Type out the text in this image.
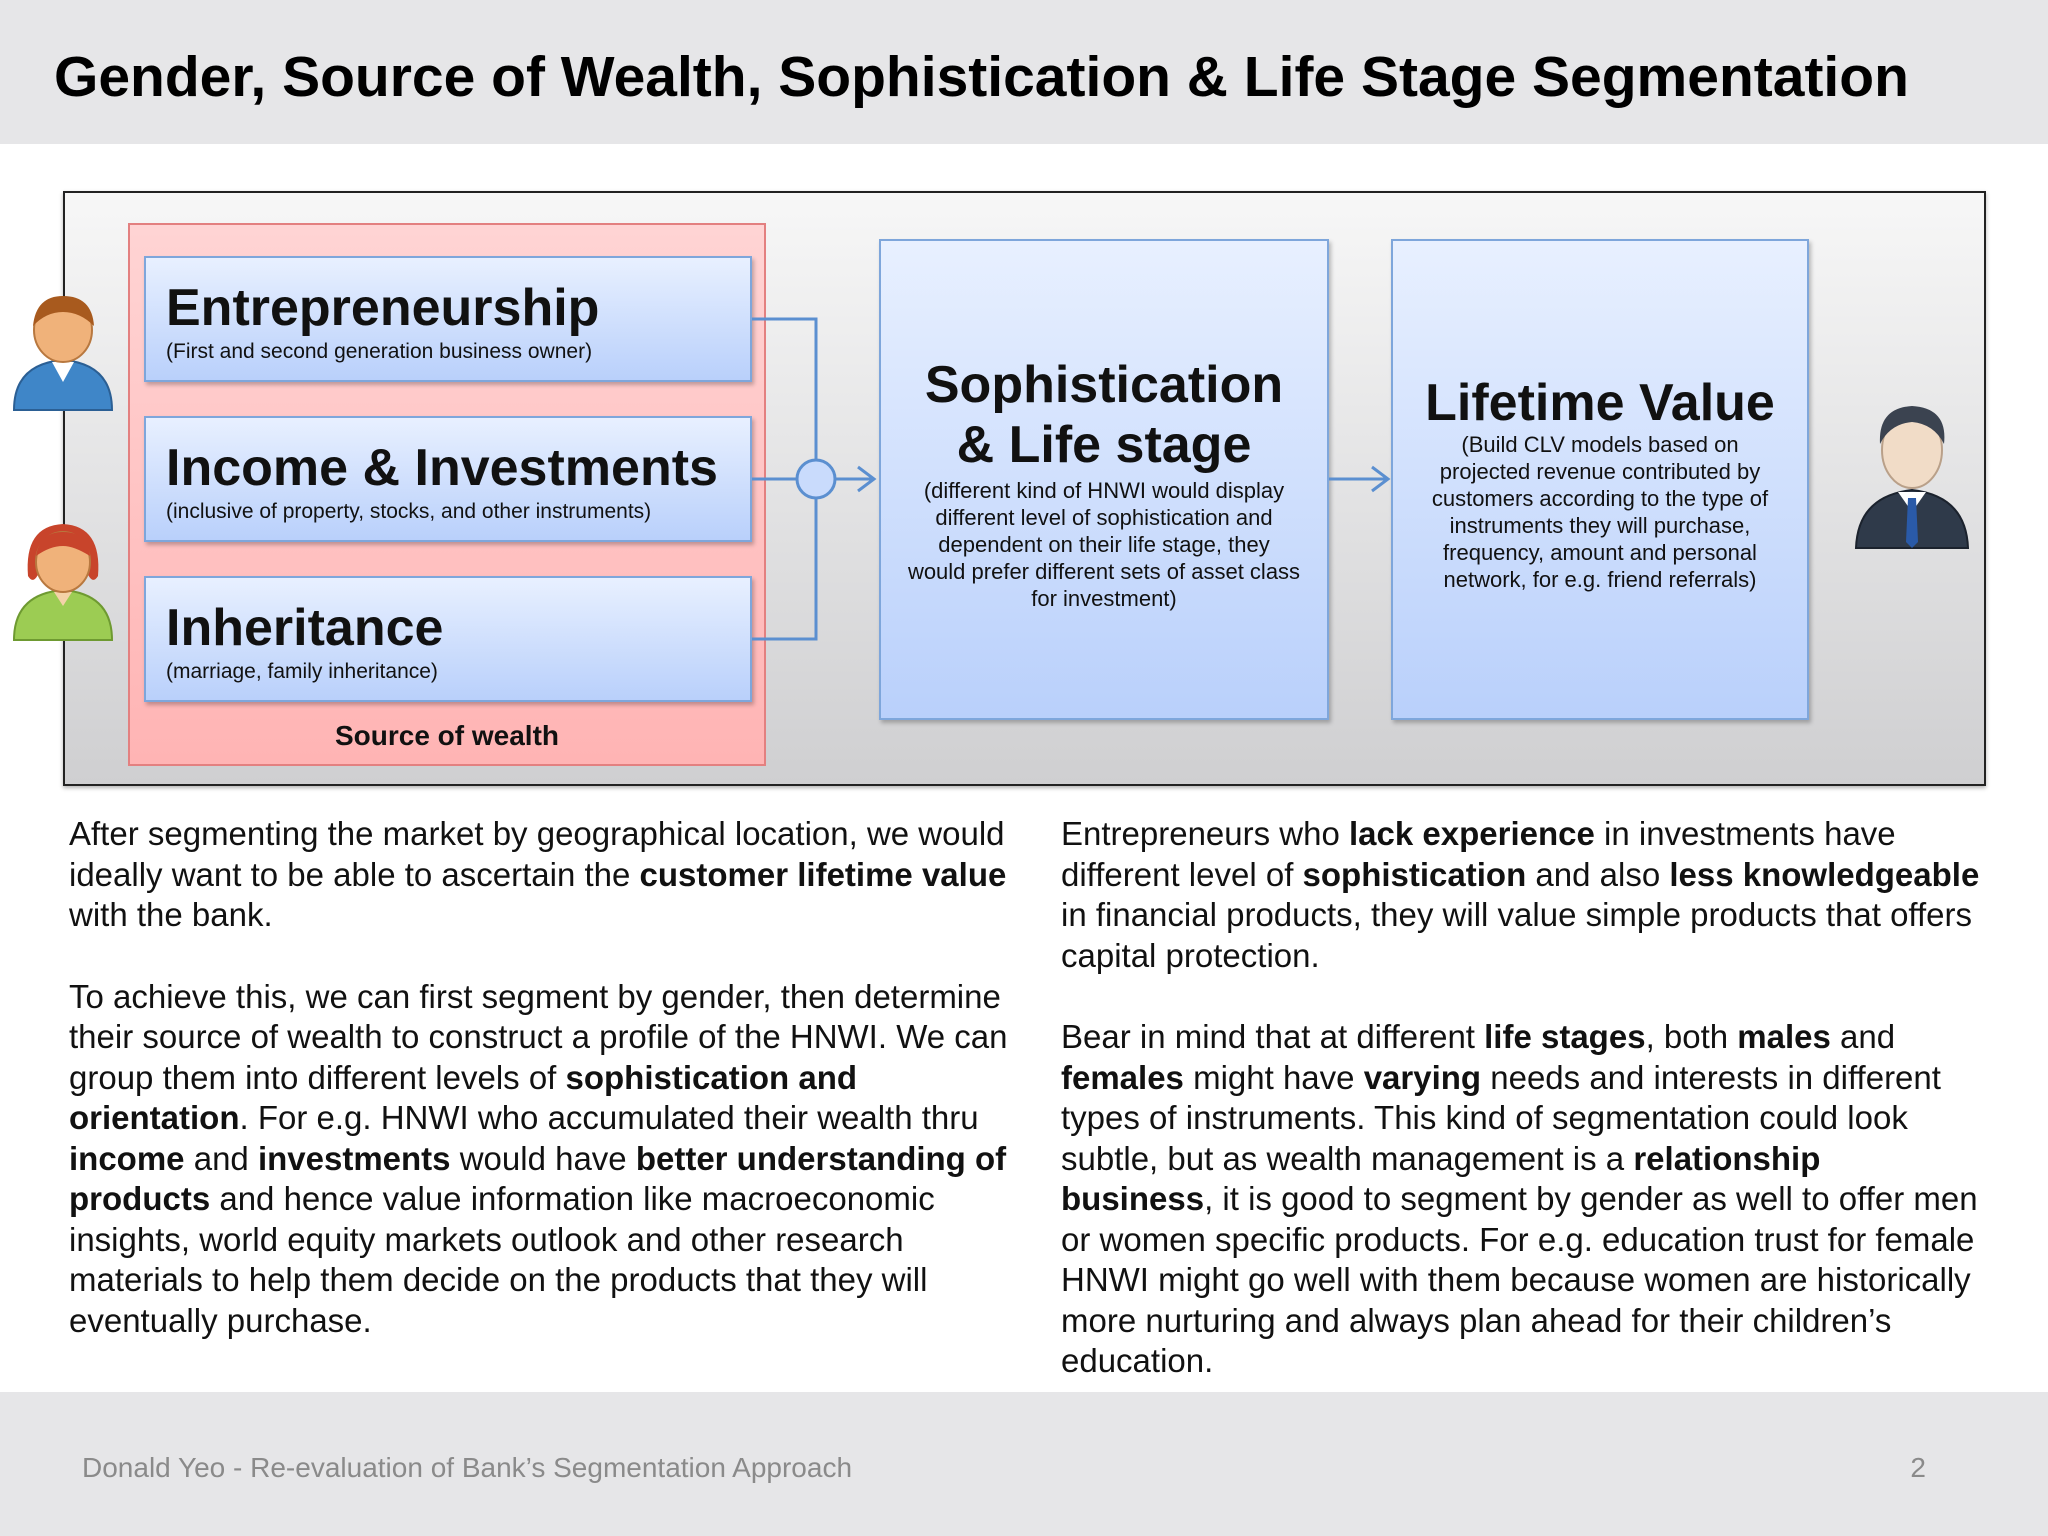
Gender, Source of Wealth, Sophistication & Life Stage Segmentation
Entrepreneurship
(First and second generation business owner)
Income & Investments
(inclusive of property, stocks, and other instruments)
Inheritance
(marriage, family inheritance)
Source of wealth
Sophistication
& Life stage
(different kind of HNWI would display
different level of sophistication and
dependent on their life stage, they
would prefer different sets of asset class
for investment)
Lifetime Value
(Build CLV models based on
projected revenue contributed by
customers according to the type of
instruments they will purchase,
frequency, amount and personal
network, for e.g. friend referrals)

After segmenting the market by geographical location, we would ideally want to be able to ascertain the customer lifetime value with the bank.

To achieve this, we can first segment by gender, then determine their source of wealth to construct a profile of the HNWI. We can group them into different levels of sophistication and orientation. For e.g. HNWI who accumulated their wealth thru income and investments would have better understanding of products and hence value information like macroeconomic insights, world equity markets outlook and other research materials to help them decide on the products that they will eventually purchase.

Entrepreneurs who lack experience in investments have different level of sophistication and also less knowledgeable in financial products, they will value simple products that offers capital protection.

Bear in mind that at different life stages, both males and females might have varying needs and interests in different types of instruments. This kind of segmentation could look subtle, but as wealth management is a relationship business, it is good to segment by gender as well to offer men or women specific products. For e.g. education trust for female HNWI might go well with them because women are historically more nurturing and always plan ahead for their children’s education.

Donald Yeo - Re-evaluation of Bank’s Segmentation Approach	2
